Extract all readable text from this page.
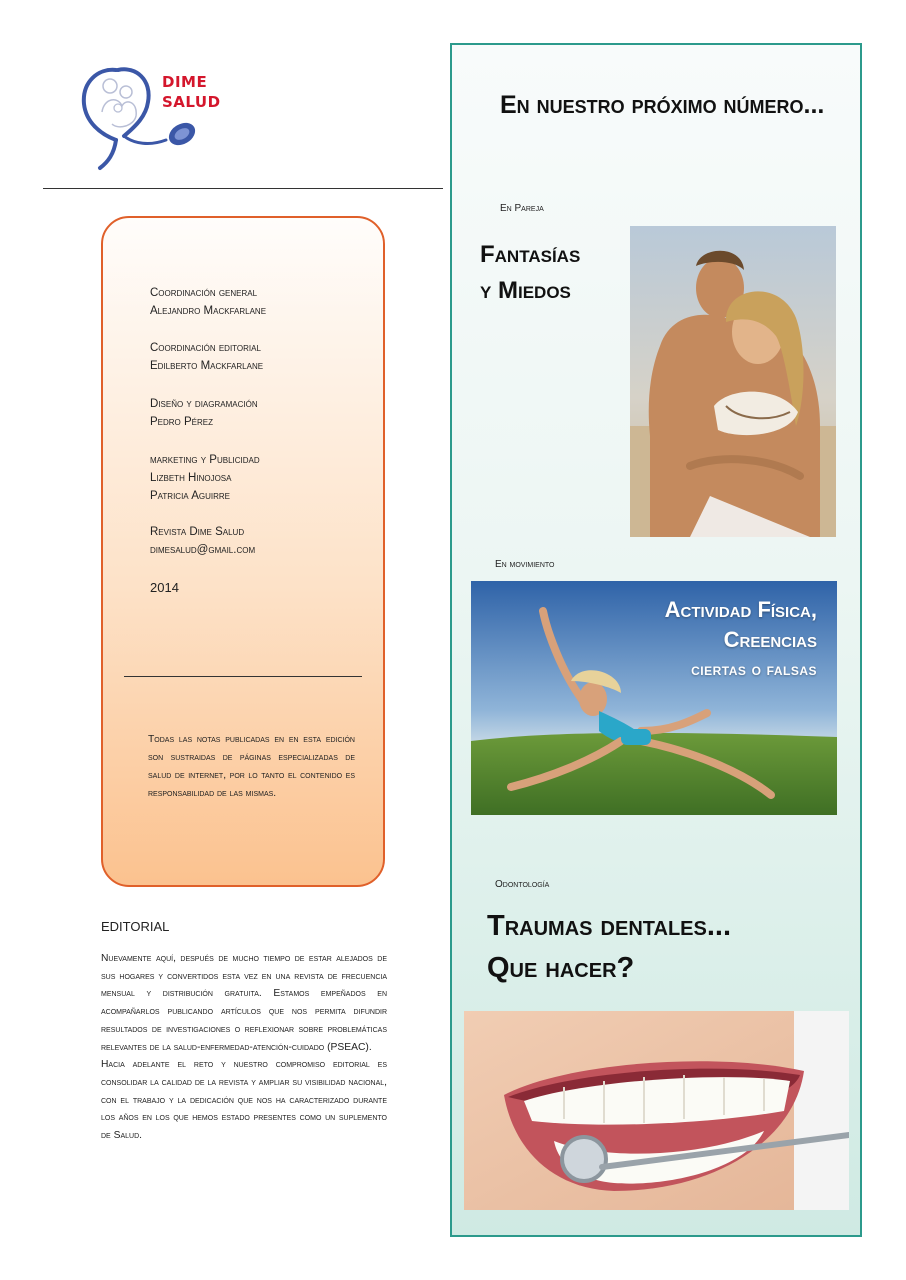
DIME
SALUD
Coordinación general
Alejandro Mackfarlane
Coordinación editorial
Edilberto Mackfarlane
Diseño y diagramación
Pedro Pérez
marketing y Publicidad
Lizbeth Hinojosa
Patricia Aguirre
Revista Dime Salud
dimesalud@gmail.com
2014
Todas las notas publicadas en en esta edición son sustraidas de páginas especializadas de salud de internet, por lo tanto el contenido es responsabilidad de las mismas.
EDITORIAL

Nuevamente aquí, después de mucho tiempo de estar alejados de sus hogares y convertidos esta vez en una revista de frecuencia mensual y distribución gratuita. Estamos empeñados en acompañarlos publicando artículos que nos permita difundir resultados de investigaciones o reflexionar sobre problemáticas relevantes de la salud-enfermedad-atención-cuidado (PSEAC).

Hacia adelante el reto y nuestro compromiso editorial es consolidar la calidad de la revista y ampliar su visibilidad nacional, con el trabajo y la dedicación que nos ha caracterizado durante los años en los que hemos estado presentes como un suplemento de Salud.

En nuestro próximo número...
En Pareja
Fantasías
y Miedos
En movimiento
Actividad Física,
Creencias
ciertas o falsas
Odontología
Traumas dentales...
Que hacer?
